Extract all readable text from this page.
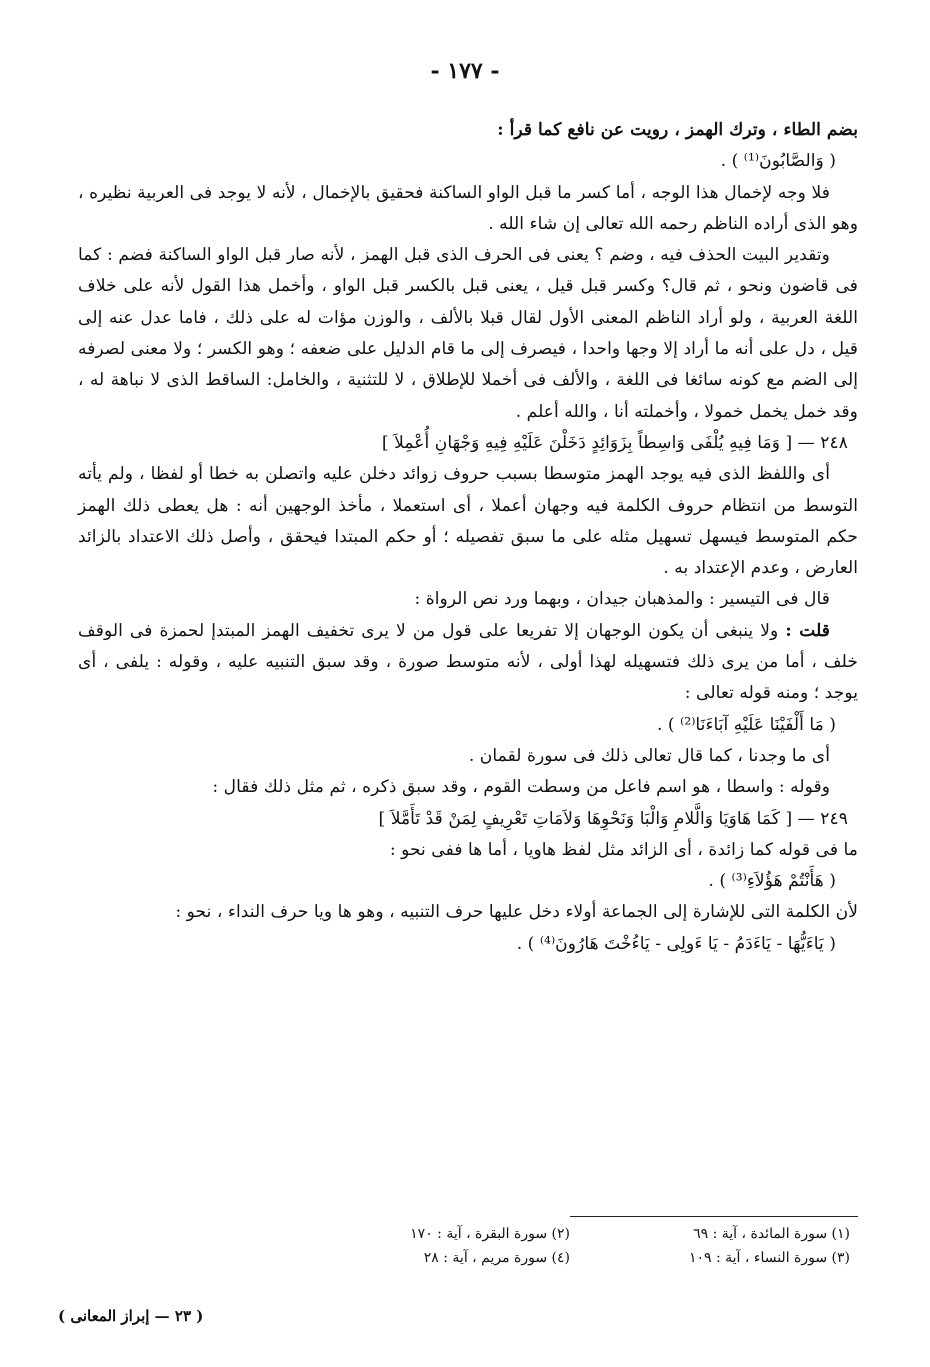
- ١٧٧ -

بضم الطاء ، وترك الهمز ، رويت عن نافع كما قرأ :

( وَالصَّابُونَ⁽¹⁾ ) .

فلا وجه لإخمال هذا الوجه ، أما كسر ما قبل الواو الساكنة فحقيق بالإخمال ، لأنه لا يوجد فى العربية نظيره ، وهو الذى أراده الناظم رحمه الله تعالى إن شاء الله .

وتقدير البيت الحذف فيه ، وضم ؟ يعنى فى الحرف الذى قبل الهمز ، لأنه صار قبل الواو الساكنة فضم : كما فى قاضون ونحو ، ثم قال؟ وكسر قبل قيل ، يعنى قبل بالكسر قبل الواو ، وأخمل هذا القول لأنه على خلاف اللغة العربية ، ولو أراد الناظم المعنى الأول لقال قبلا بالألف ، والوزن مؤات له على ذلك ، فاما عدل عنه إلى قيل ، دل على أنه ما أراد إلا وجها واحدا ، فيصرف إلى ما قام الدليل على ضعفه ؛ وهو الكسر ؛ ولا معنى لصرفه إلى الضم مع كونه سائغا فى اللغة ، والألف فى أخملا للإطلاق ، لا للتثنية ، والخامل: الساقط الذى لا نباهة له ، وقد خمل يخمل خمولا ، وأخملته أنا ، والله أعلم .

٢٤٨ — [ وَمَا فِيهِ يُلْفَى وَاسِطاً بِزَوَائِدٍ دَخَلْنَ عَلَيْهِ فِيهِ وَجْهَانِ أُعْمِلاَ ]

أى واللفظ الذى فيه يوجد الهمز متوسطا بسبب حروف زوائد دخلن عليه واتصلن به خطا أو لفظا ، ولم يأته التوسط من انتظام حروف الكلمة فيه وجهان أعملا ، أى استعملا ، مأخذ الوجهين أنه : هل يعطى ذلك الهمز حكم المتوسط فيسهل تسهيل مثله على ما سبق تفصيله ؛ أو حكم المبتدا فيحقق ، وأصل ذلك الاعتداد بالزائد العارض ، وعدم الإعتداد به .

قال فى التيسير : والمذهبان جيدان ، وبهما ورد نص الرواة :

قلت : ولا ينبغى أن يكون الوجهان إلا تفريعا على قول من لا يرى تخفيف الهمز المبتدإ لحمزة فى الوقف خلف ، أما من يرى ذلك فتسهيله لهذا أولى ، لأنه متوسط صورة ، وقد سبق التنبيه عليه ، وقوله : يلفى ، أى يوجد ؛ ومنه قوله تعالى :

( مَا أَلْفَيْنَا عَلَيْهِ آبَاءَنَا⁽²⁾ ) .

أى ما وجدنا ، كما قال تعالى ذلك فى سورة لقمان .

وقوله : واسطا ، هو اسم فاعل من وسطت القوم ، وقد سبق ذكره ، ثم مثل ذلك فقال :

٢٤٩ — [ كَمَا هَاوَيَا وَالَّلامِ وَالْبَا وَنَحْوِهَا وَلاَمَاتِ تَعْرِيفٍ لِمَنْ قَدْ تَأَمَّلاَ ]

ما فى قوله كما زائدة ، أى الزائد مثل لفظ هاويا ، أما ها ففى نحو :

( هَأَنْتُمْ هَؤُلاَءِ⁽³⁾ ) .

لأن الكلمة التى للإشارة إلى الجماعة أولاء دخل عليها حرف التنبيه ، وهو ها ويا حرف النداء ، نحو :

( يَاءَيُّهَا - يَاءَدَمُ - يَا ءَولِى - يَاءُخْتَ هَارُونَ⁽⁴⁾ ) .

(١) سورة المائدة ، آية : ٦٩
(٢) سورة البقرة ، آية : ١٧٠
(٣) سورة النساء ، آية : ١٠٩
(٤) سورة مريم ، آية : ٢٨
( ٢٣ — إبراز المعانى )
